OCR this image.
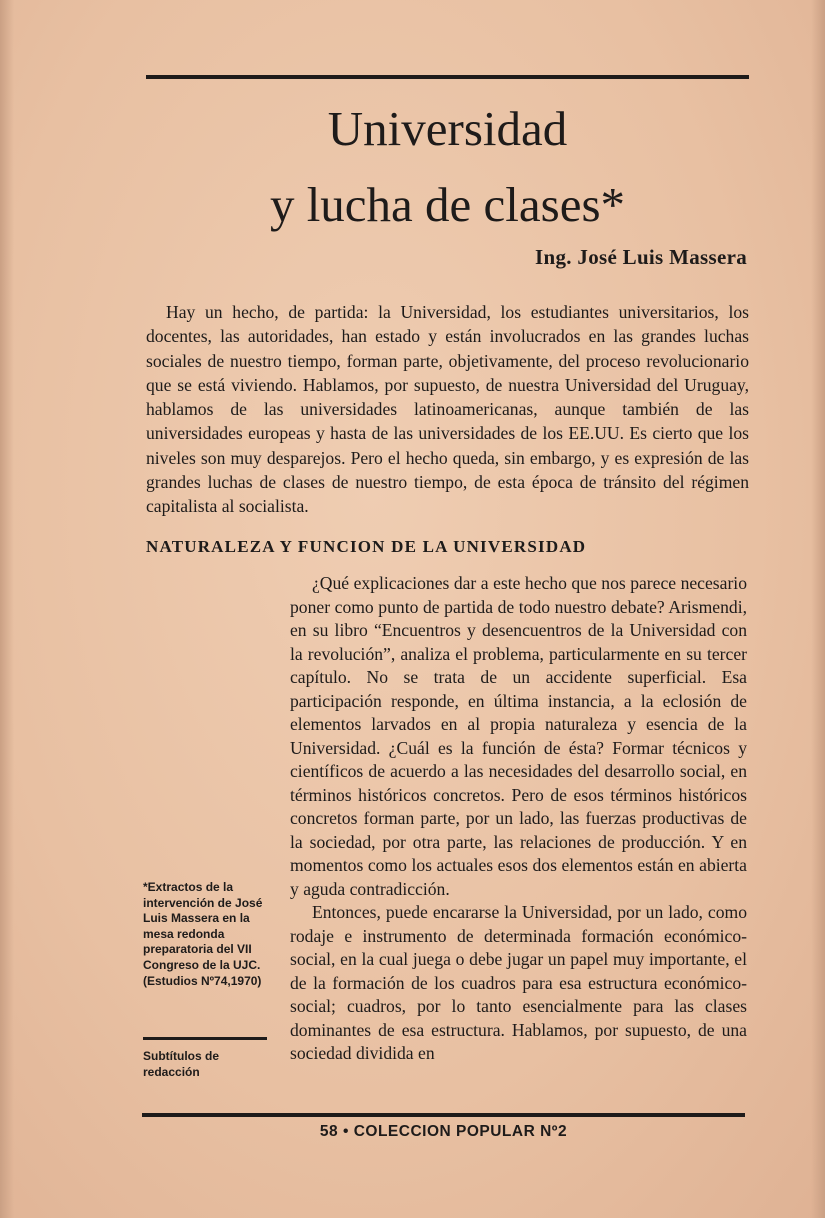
Universidad
y lucha de clases*
Ing. José Luis Massera

Hay un hecho, de partida: la Universidad, los estudiantes universitarios, los docentes, las autoridades, han estado y están involucrados en las grandes luchas sociales de nuestro tiempo, forman parte, objetivamente, del proceso revolucionario que se está viviendo. Hablamos, por supuesto, de nuestra Universidad del Uruguay, hablamos de las universidades latinoamericanas, aunque también de las universidades europeas y hasta de las universidades de los EE.UU. Es cierto que los niveles son muy desparejos. Pero el hecho queda, sin embargo, y es expresión de las grandes luchas de clases de nuestro tiempo, de esta época de tránsito del régimen capitalista al socialista.

NATURALEZA Y FUNCION DE LA UNIVERSIDAD

¿Qué explicaciones dar a este hecho que nos parece necesario poner como punto de partida de todo nuestro debate? Arismendi, en su libro “Encuentros y desencuentros de la Universidad con la revolución”, analiza el problema, particularmente en su tercer capítulo. No se trata de un accidente superficial. Esa participación responde, en última instancia, a la eclosión de elementos larvados en al propia naturaleza y esencia de la Universidad. ¿Cuál es la función de ésta? Formar técnicos y científicos de acuerdo a las necesidades del desarrollo social, en términos históricos concretos. Pero de esos términos históricos concretos forman parte, por un lado, las fuerzas productivas de la sociedad, por otra parte, las relaciones de producción. Y en momentos como los actuales esos dos elementos están en abierta y aguda contradicción.

Entonces, puede encararse la Universidad, por un lado, como rodaje e instrumento de determinada formación económico-social, en la cual juega o debe jugar un papel muy importante, el de la formación de los cuadros para esa estructura económico-social; cuadros, por lo tanto esencialmente para las clases dominantes de esa estructura. Hablamos, por supuesto, de una sociedad dividida en

*Extractos de la intervención de José Luis Massera en la mesa redonda preparatoria del VII Congreso de la UJC. (Estudios Nº74,1970)
Subtítulos de redacción
58 • COLECCION POPULAR Nº2
